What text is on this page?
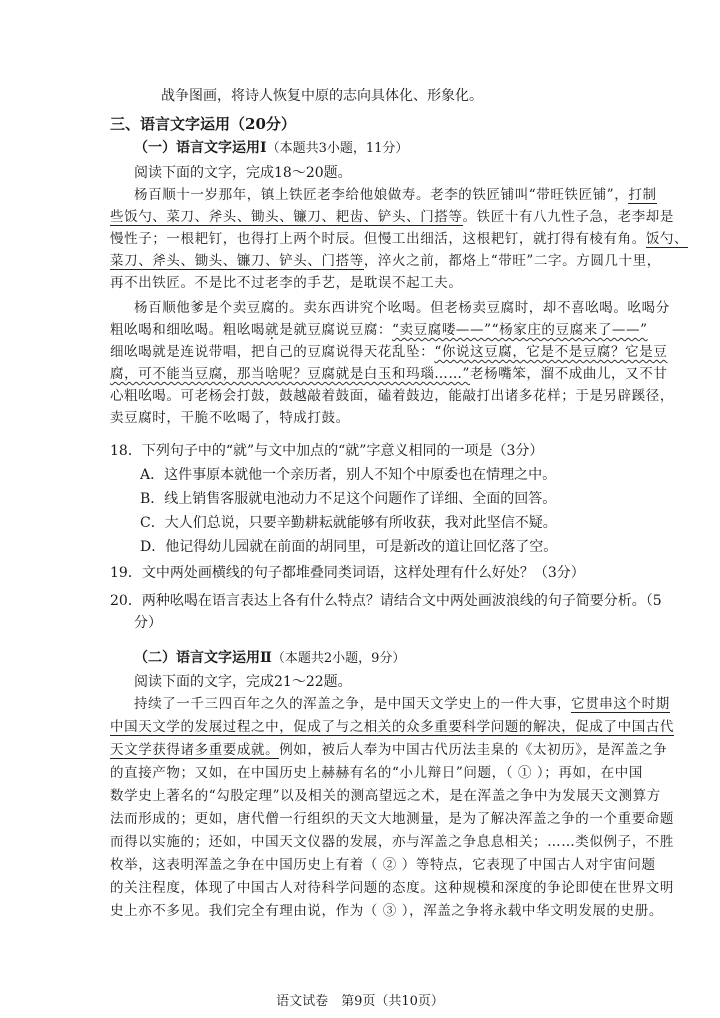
战争图画，将诗人恢复中原的志向具体化、形象化。
三、语言文字运用（20分）
（一）语言文字运用Ⅰ（本题共3小题，11分）
阅读下面的文字，完成18～20题。
杨百顺十一岁那年，镇上铁匠老李给他娘做寿。老李的铁匠铺叫“带旺铁匠铺”，打制
些饭勺、菜刀、斧头、锄头、镰刀、耙齿、铲头、门搭等。铁匠十有八九性子急，老李却是
慢性子；一根耙钉，也得打上两个时辰。但慢工出细活，这根耙钉，就打得有棱有角。饭勺、
菜刀、斧头、锄头、镰刀、铲头、门搭等，淬火之前，都烙上“带旺”二字。方圆几十里，
再不出铁匠。不是比不过老李的手艺，是耽误不起工夫。
杨百顺他爹是个卖豆腐的。卖东西讲究个吆喝。但老杨卖豆腐时，却不喜吆喝。吆喝分
粗吆喝和细吆喝。粗吆喝就是就豆腐说豆腐：“卖豆腐喽——”“杨家庄的豆腐来了——”
细吆喝就是连说带唱，把自己的豆腐说得天花乱坠：“你说这豆腐，它是不是豆腐？它是豆
腐，可不能当豆腐，那当啥呢？豆腐就是白玉和玛瑙……”老杨嘴笨，溜不成曲儿，又不甘
心粗吆喝。可老杨会打鼓，鼓越敲着鼓面，磕着鼓边，能敲打出诸多花样；于是另辟蹊径，
卖豆腐时，干脆不吆喝了，特成打鼓。
18．下列句子中的“就”与文中加点的“就”字意义相同的一项是（3分）
A．这件事原本就他一个亲历者，别人不知个中原委也在情理之中。
B．线上销售客服就电池动力不足这个问题作了详细、全面的回答。
C．大人们总说，只要辛勤耕耘就能够有所收获，我对此坚信不疑。
D．他记得幼儿园就在前面的胡同里，可是新改的道让回忆落了空。
19．文中两处画横线的句子都堆叠同类词语，这样处理有什么好处？（3分）
20．两种吆喝在语言表达上各有什么特点？请结合文中两处画波浪线的句子简要分析。（5
分）
（二）语言文字运用Ⅱ（本题共2小题，9分）
阅读下面的文字，完成21～22题。
持续了一千三四百年之久的浑盖之争，是中国天文学史上的一件大事，它贯串这个时期
中国天文学的发展过程之中，促成了与之相关的众多重要科学问题的解决，促成了中国古代
天文学获得诸多重要成就。例如，被后人奉为中国古代历法圭臬的《太初历》，是浑盖之争
的直接产物；又如，在中国历史上赫赫有名的“小儿辩日”问题，（ ① ）；再如，在中国
数学史上著名的“勾股定理”以及相关的测高望远之术，是在浑盖之争中为发展天文测算方
法而形成的；更如，唐代僧一行组织的天文大地测量，是为了解决浑盖之争的一个重要命题
而得以实施的；还如，中国天文仪器的发展，亦与浑盖之争息息相关；……类似例子，不胜
枚举，这表明浑盖之争在中国历史上有着（ ② ）等特点，它表现了中国古人对宇宙问题
的关注程度，体现了中国古人对待科学问题的态度。这种规模和深度的争论即使在世界文明
史上亦不多见。我们完全有理由说，作为（ ③ ），浑盖之争将永载中华文明发展的史册。
语文试卷　第9页（共10页）
